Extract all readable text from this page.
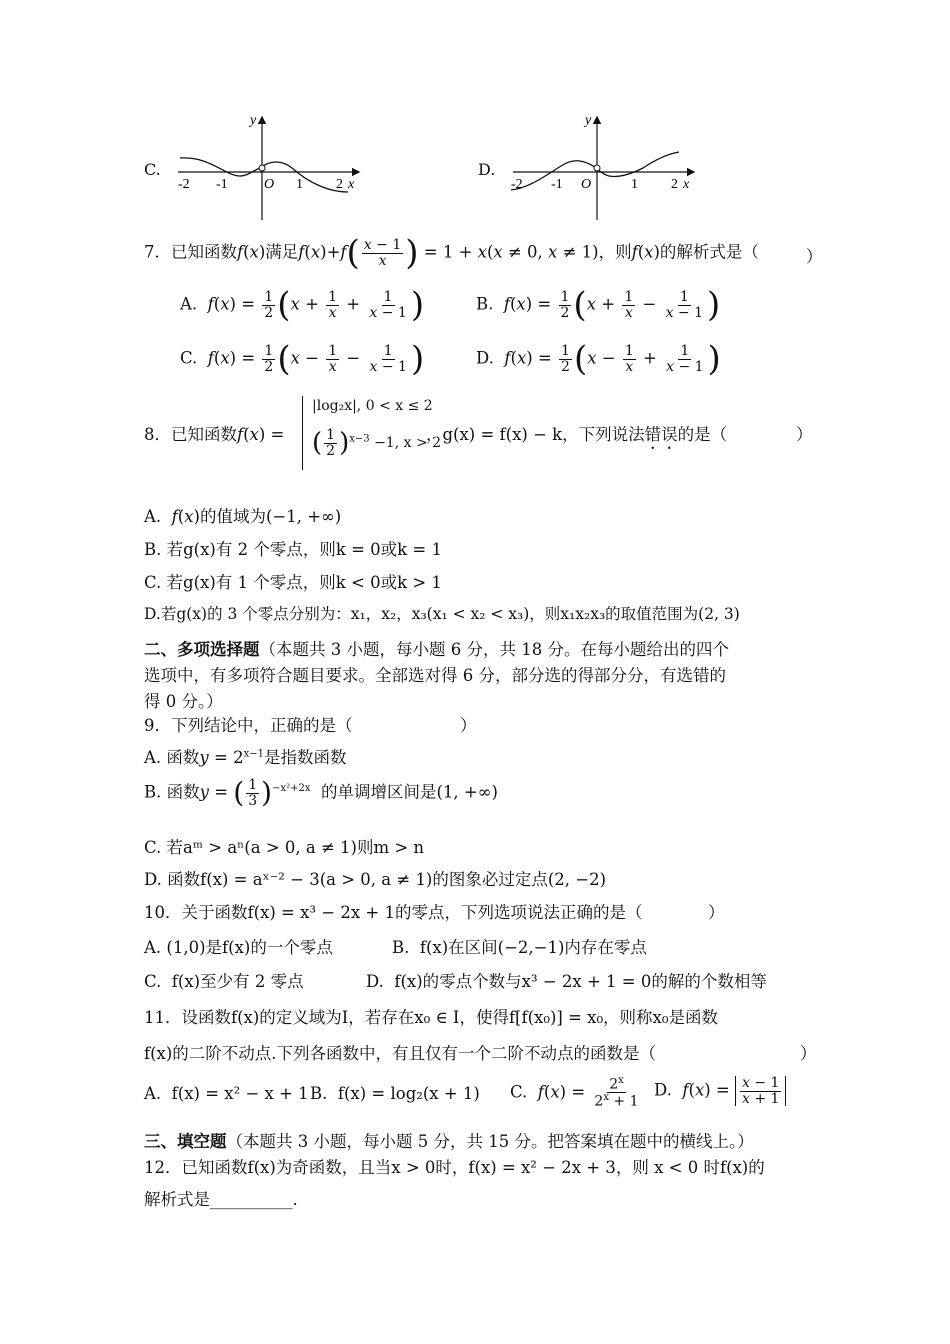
C.
y
x
O
-2 -1	1 2
D.
y
x
O
-2 -1	1 2
7．已知函数f(x)满足$f(x)+f( \frac{x - 1}{x}$ ) = 1 + x(x ≠ 0, x ≠ 1)，则f(x)的解析式是（	）
A. $f(x) = \frac{1}{2} (x + \frac{1}{x} + \frac{1}{x - 1}$ )	B. $f(x) = \frac{1}{2} (x + \frac{1}{x} - \frac{1}{x - 1}$ )
C. $f(x) = \frac{1}{2} (x - \frac{1}{x} - \frac{1}{x - 1}$ )	D. $f(x) = \frac{1}{2} (x - \frac{1}{x} + \frac{1}{x - 1}$ )
8．已知函数f(x) =
|log₂x|, 0 < x ≤ 2
( $\frac{1}{2} )^{x-3} -1$, x > 2
，g(x) = f(x) − k，下列说法错误的是（	）
A. f(x)的值域为(−1, +∞)
B. 若g(x)有 2 个零点，则k = 0或k = 1
C. 若g(x)有 1 个零点，则k < 0或k > 1
D.若g(x)的 3 个零点分别为：x₁，x₂，x₃(x₁ < x₂ < x₃)，则x₁x₂x₃的取值范围为(2, 3)
二、多项选择题（本题共 3 小题，每小题 6 分，共 18 分。在每小题给出的四个
选项中，有多项符合题目要求。全部选对得 6 分，部分选的得部分分，有选错的
得 0 分。）
9．下列结论中，正确的是（	）
A. 函数$y = 2^{x-1}$是指数函数
B. 函数y = ( $\frac{1}{3} )^{-x^2+2x}$ 的单调增区间是(1, +∞)
C. 若aᵐ > aⁿ(a > 0, a ≠ 1)则m > n
D. 函数f(x) = aˣ⁻² − 3(a > 0, a ≠ 1)的图象必过定点(2, −2)
10．关于函数f(x) = x³ − 2x + 1的零点，下列选项说法正确的是（	）
A. (1,0)是f(x)的一个零点	B. f(x)在区间(−2,−1)内存在零点
C. f(x)至少有 2 零点	D. f(x)的零点个数与x³ − 2x + 1 = 0的解的个数相等
11．设函数f(x)的定义域为I，若存在x₀ ∈ I，使得f[f(x₀)] = x₀，则称x₀是函数
f(x)的二阶不动点.下列各函数中，有且仅有一个二阶不动点的函数是（	）
A. f(x) = x² − x + 1 B. f(x) = log₂(x + 1) C. $f(x) = \frac{2^x}{2^x + 1} D$. $f(x) = \frac{x - 1}{x + 1}$
三、填空题（本题共 3 小题，每小题 5 分，共 15 分。把答案填在题中的横线上。）
12．已知函数f(x)为奇函数，且当x > 0时，f(x) = x² − 2x + 3，则 x < 0 时f(x)的
解析式是__________.
